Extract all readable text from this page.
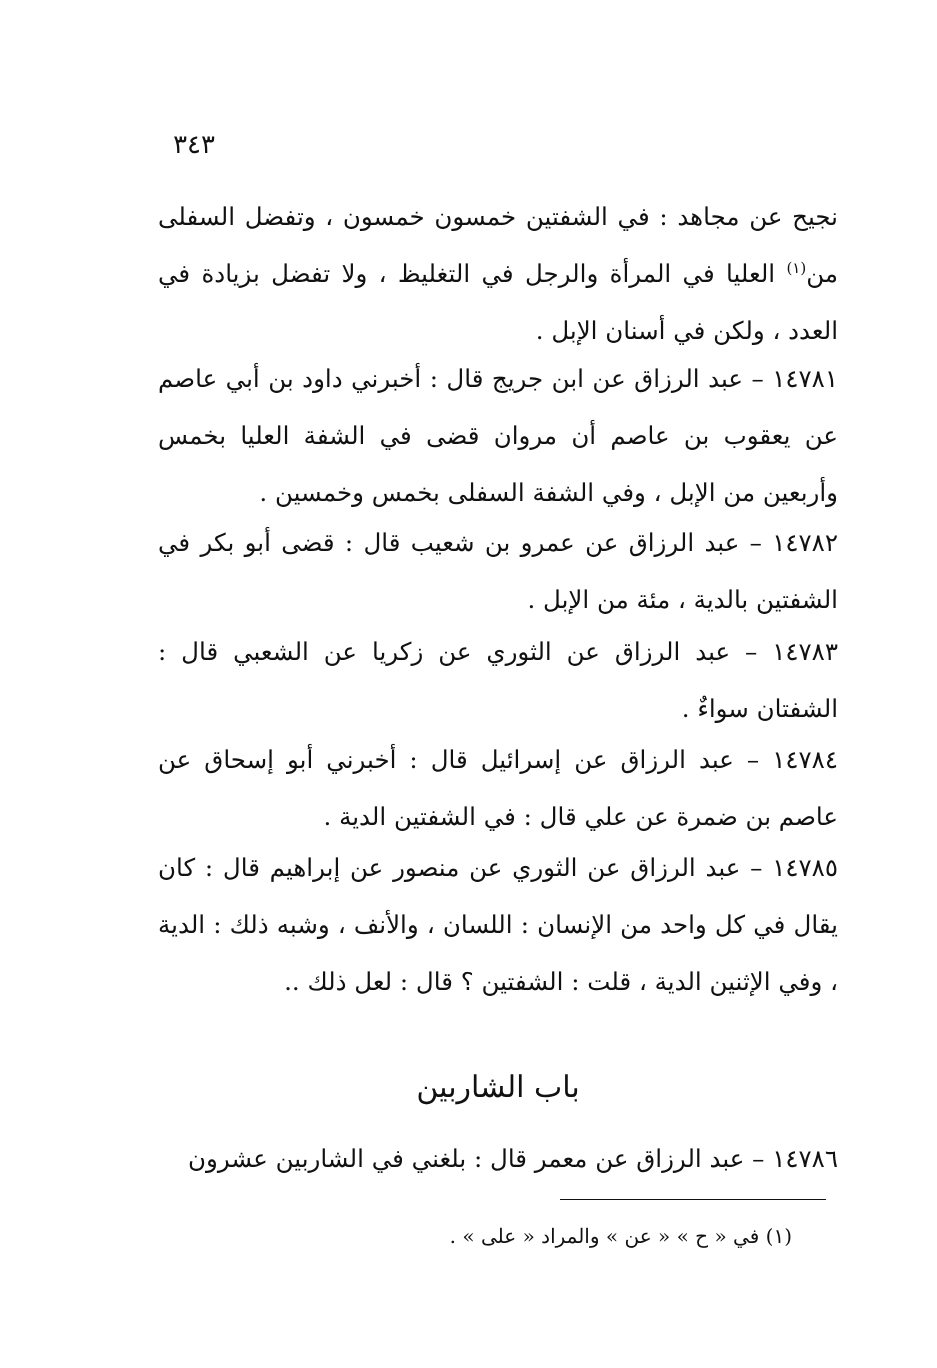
٣٤٣
نجيح عن مجاهد : في الشفتين خمسون خمسون ، وتفضل السفلى من$^{(١)}$ العليا في المرأة والرجل في التغليظ ، ولا تفضل بزيادة في العدد ، ولكن في أسنان الإبل .
١٤٧٨١ – عبد الرزاق عن ابن جريج قال : أخبرني داود بن أبي عاصم عن يعقوب بن عاصم أن مروان قضى في الشفة العليا بخمس وأربعين من الإبل ، وفي الشفة السفلى بخمس وخمسين .
١٤٧٨٢ – عبد الرزاق عن عمرو بن شعيب قال : قضى أبو بكر في الشفتين بالدية ، مئة من الإبل .
١٤٧٨٣ – عبد الرزاق عن الثوري عن زكريا عن الشعبي قال : الشفتان سواءٌ .
١٤٧٨٤ – عبد الرزاق عن إسرائيل قال : أخبرني أبو إسحاق عن عاصم بن ضمرة عن علي قال : في الشفتين الدية .
١٤٧٨٥ – عبد الرزاق عن الثوري عن منصور عن إبراهيم قال : كان يقال في كل واحد من الإنسان : اللسان ، والأنف ، وشبه ذلك : الدية ، وفي الإثنين الدية ، قلت : الشفتين ؟ قال : لعل ذلك ..
باب الشاربين
١٤٧٨٦ – عبد الرزاق عن معمر قال : بلغني في الشاربين عشرون
(١) في « ح » « عن » والمراد « على » .
